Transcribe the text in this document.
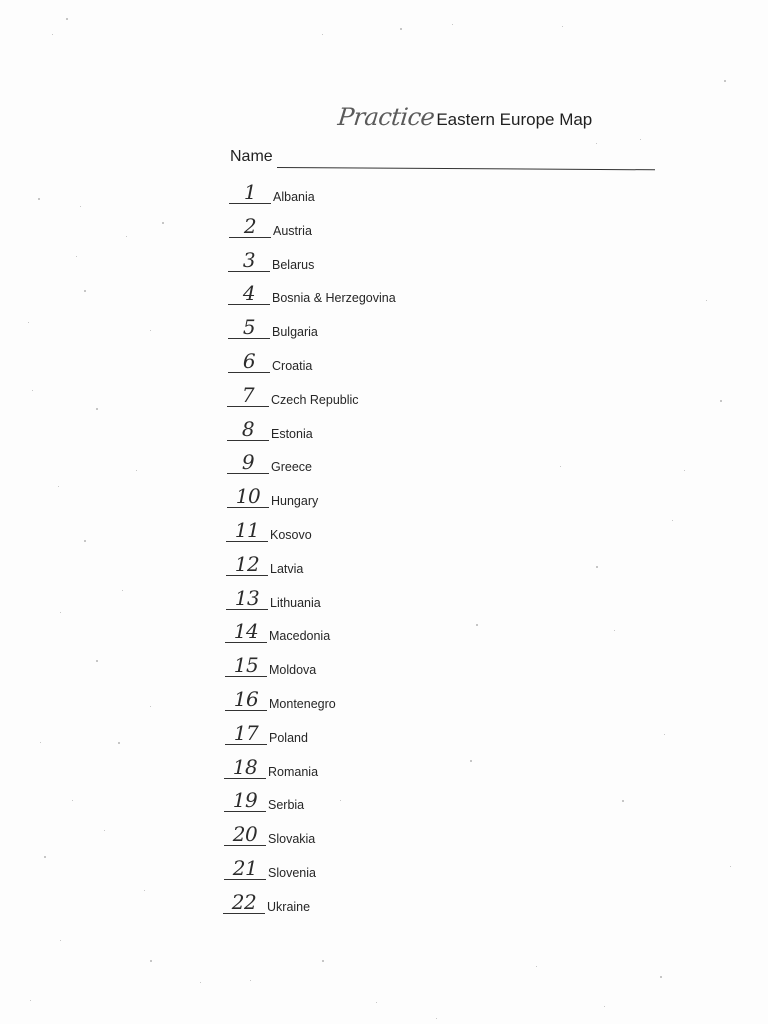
PracticeEastern Europe Map
Name
1	Albania
2	Austria
3	Belarus
4	Bosnia & Herzegovina
5	Bulgaria
6	Croatia
7	Czech Republic
8	Estonia
9	Greece
10 Hungary
11 Kosovo
12 Latvia
13 Lithuania
14 Macedonia
15 Moldova
16 Montenegro
17 Poland
18 Romania
19 Serbia
20 Slovakia
21 Slovenia
22 Ukraine
